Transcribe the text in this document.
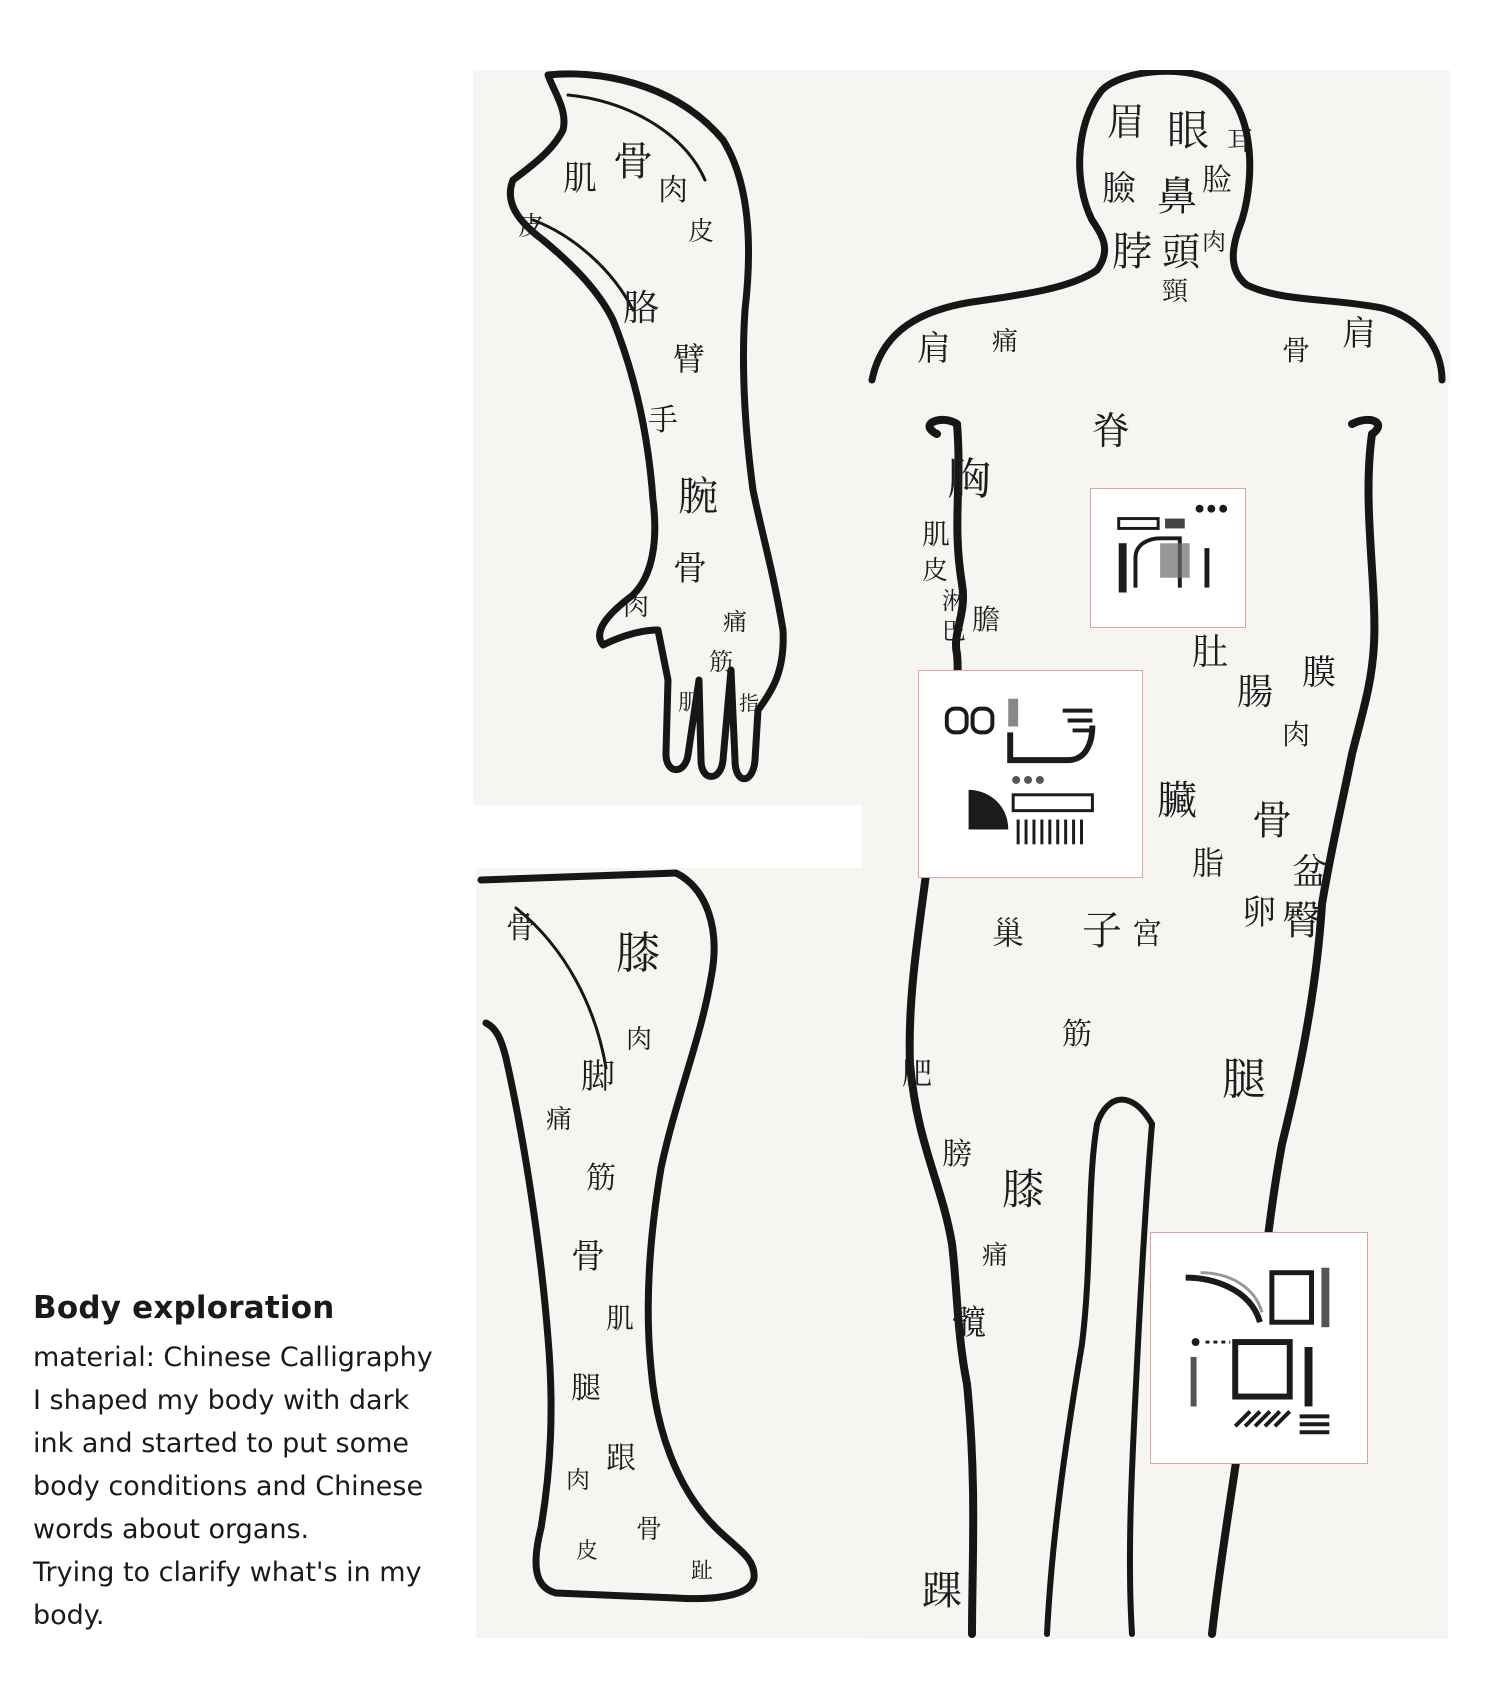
肌 骨
肉
皮
胳
臂
手
腕
骨
肉	痛
筋
肌 指
皮
膝
骨
脚
肉
痛
筋
骨
肌
腿
跟
肉
骨
皮
趾
眉 眼
臉 鼻 脸
耳
脖
頸
肉
肩 痛	肩
骨
頭
脊
胸
肌
皮
淋
巴 膽
肚
腸 膜
肉
臟
脂
骨
盆
臀
子 宮
卵
巢
筋
腿
膝
踝
肥
痛
髖
膀
Body exploration

material: Chinese Calligraphy

I shaped my body with dark

ink and started to put some

body conditions and Chinese

words about organs.

Trying to clarify what's in my

body.
